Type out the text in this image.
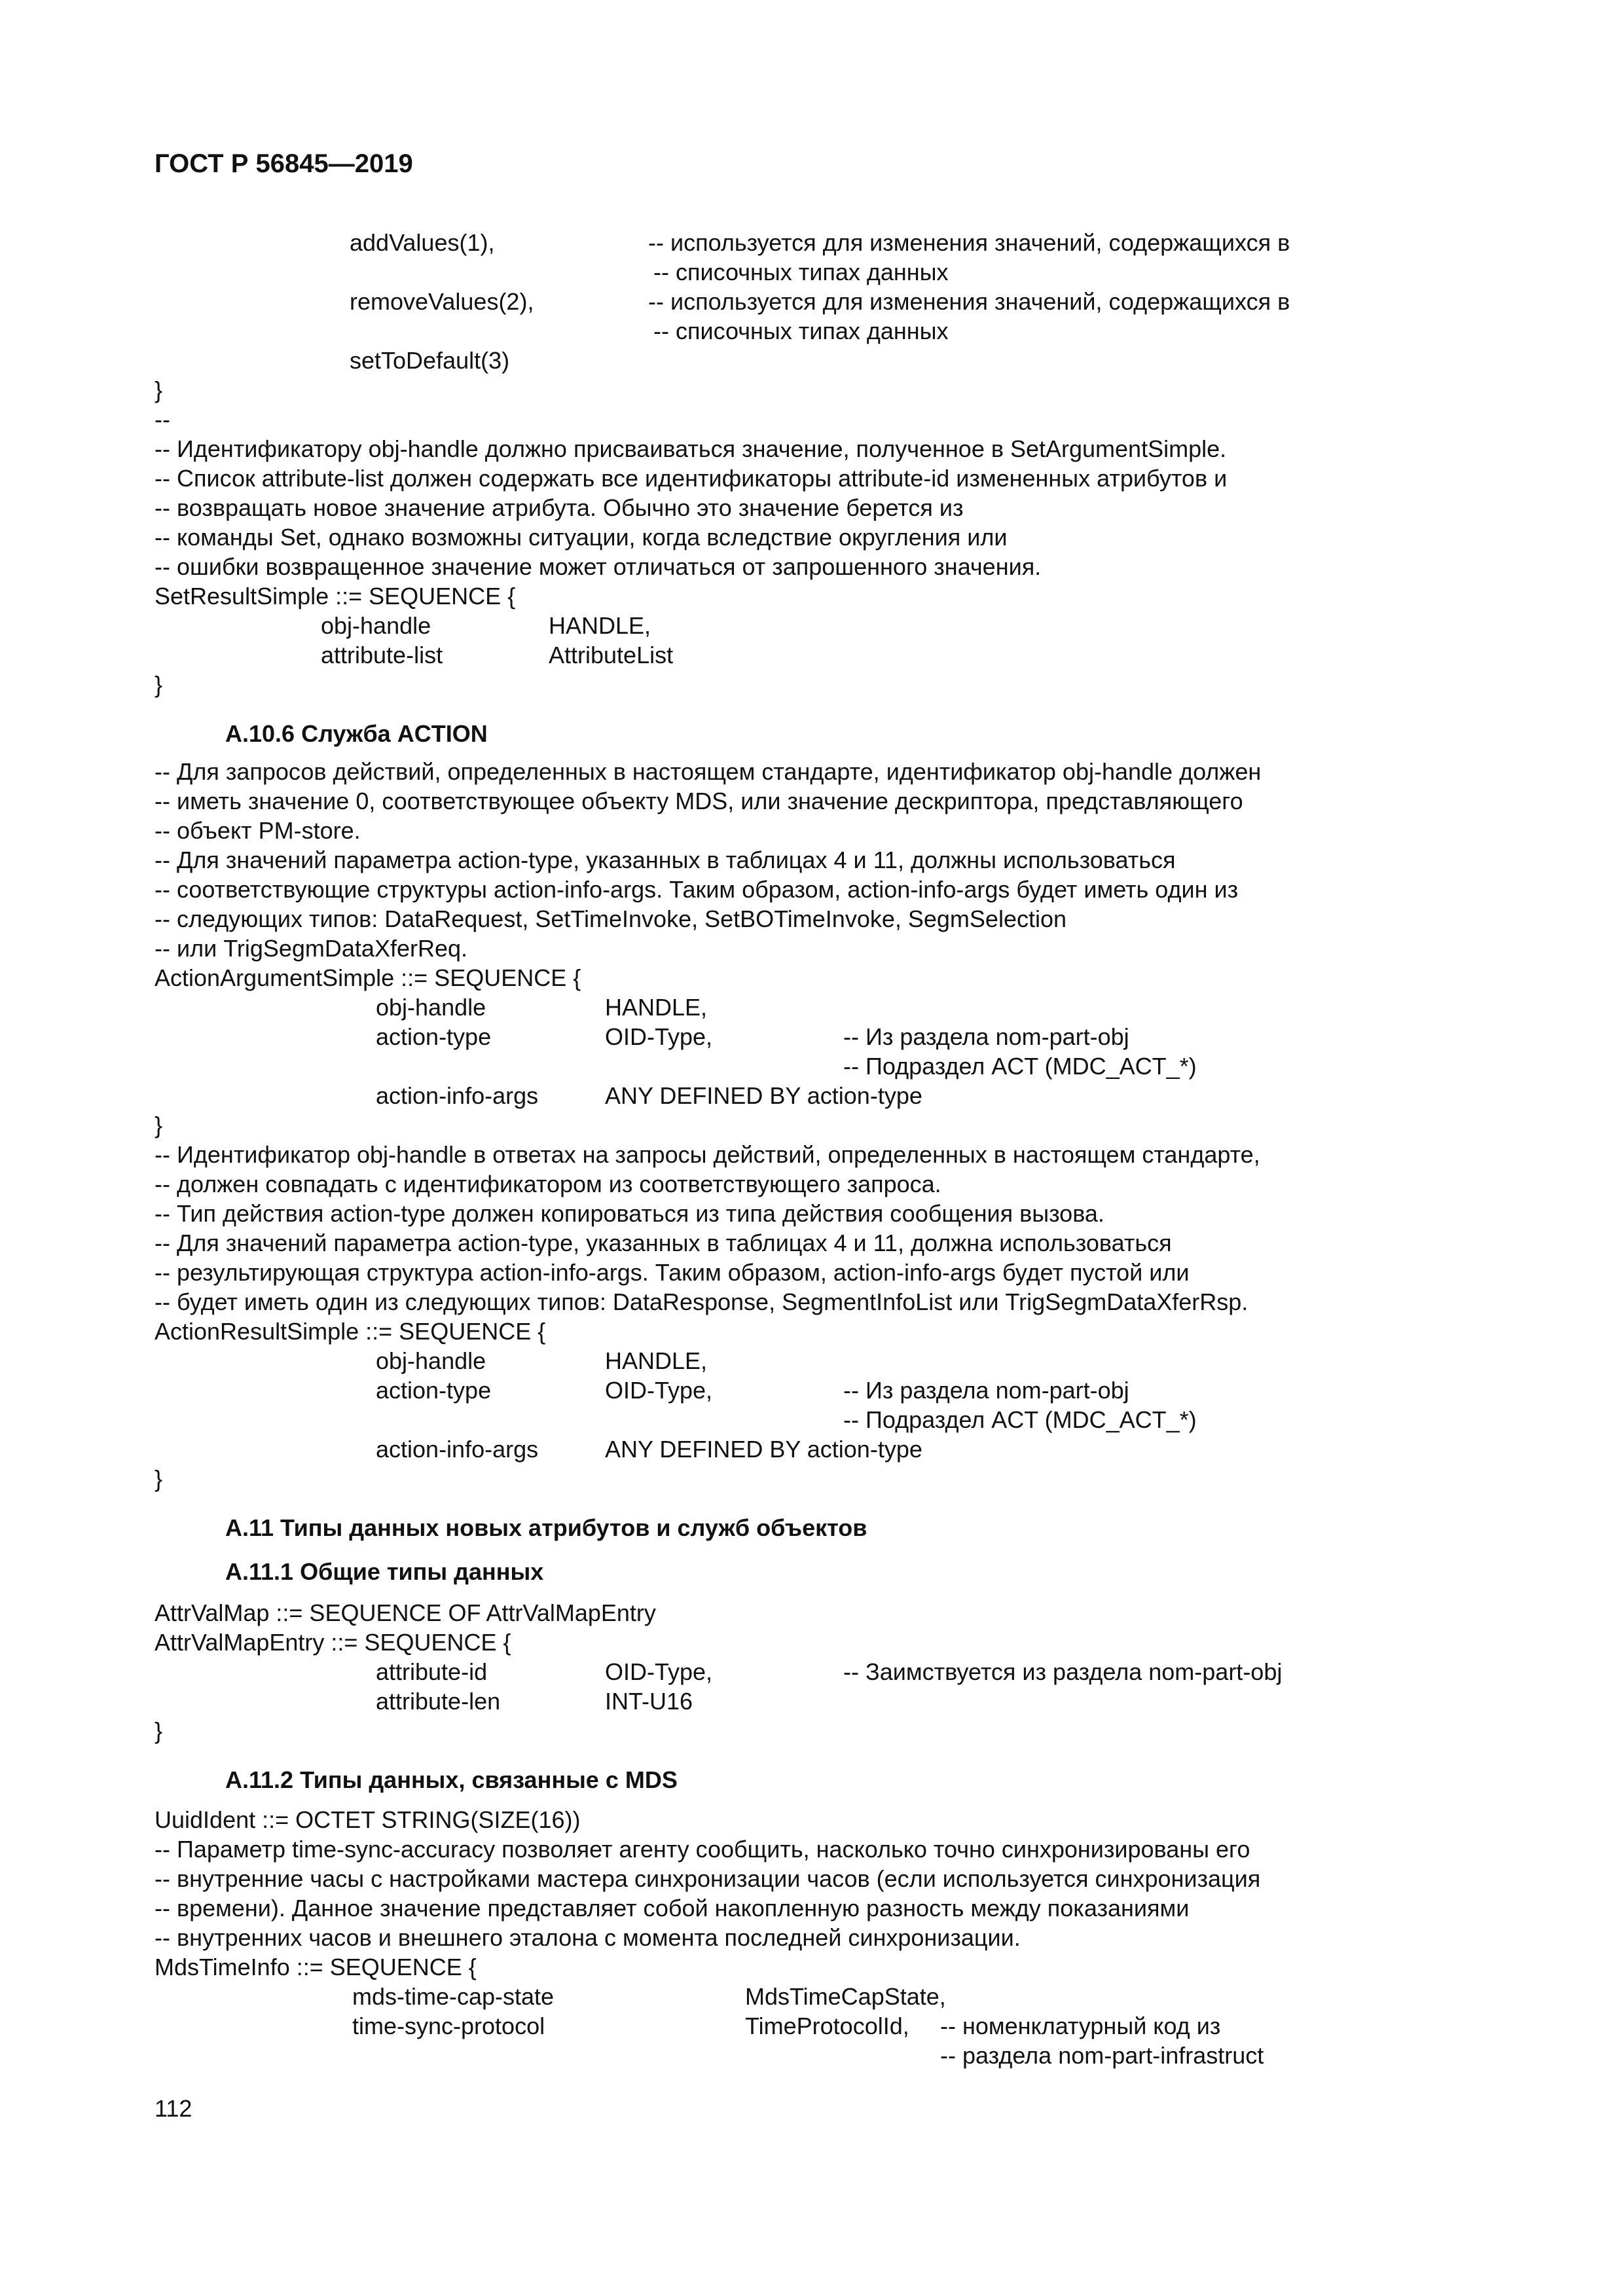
ГОСТ Р 56845—2019
addValues(1),	-- используется для изменения значений, содержащихся в
-- списочных типах данных
removeValues(2),	-- используется для изменения значений, содержащихся в
-- списочных типах данных
setToDefault(3)
}
--
-- Идентификатору obj-handle должно присваиваться значение, полученное в SetArgumentSimple.
-- Список attribute-list должен содержать все идентификаторы attribute-id измененных атрибутов и
-- возвращать новое значение атрибута. Обычно это значение берется из
-- команды Set, однако возможны ситуации, когда вследствие округления или
-- ошибки возвращенное значение может отличаться от запрошенного значения.
SetResultSimple ::= SEQUENCE {
obj-handle	HANDLE,
attribute-list	AttributeList
}
A.10.6 Служба ACTION
-- Для запросов действий, определенных в настоящем стандарте, идентификатор obj-handle должен
-- иметь значение 0, соответствующее объекту MDS, или значение дескриптора, представляющего
-- объект PM-store.
-- Для значений параметра action-type, указанных в таблицах 4 и 11, должны использоваться
-- соответствующие структуры action-info-args. Таким образом, action-info-args будет иметь один из
-- следующих типов: DataRequest, SetTimeInvoke, SetBOTimeInvoke, SegmSelection
-- или TrigSegmDataXferReq.
ActionArgumentSimple ::= SEQUENCE {
obj-handle	HANDLE,
action-type	OID-Type,	-- Из раздела nom-part-obj
-- Подраздел ACT (MDC_ACT_*)
action-info-args	ANY DEFINED BY action-type
}
-- Идентификатор obj-handle в ответах на запросы действий, определенных в настоящем стандарте,
-- должен совпадать с идентификатором из соответствующего запроса.
-- Тип действия action-type должен копироваться из типа действия сообщения вызова.
-- Для значений параметра action-type, указанных в таблицах 4 и 11, должна использоваться
-- результирующая структура action-info-args. Таким образом, action-info-args будет пустой или
-- будет иметь один из следующих типов: DataResponse, SegmentInfoList или TrigSegmDataXferRsp.
ActionResultSimple ::= SEQUENCE {
obj-handle	HANDLE,
action-type	OID-Type,	-- Из раздела nom-part-obj
-- Подраздел ACT (MDC_ACT_*)
action-info-args	ANY DEFINED BY action-type
}
A.11 Типы данных новых атрибутов и служб объектов
A.11.1 Общие типы данных
AttrValMap ::= SEQUENCE OF AttrValMapEntry
AttrValMapEntry ::= SEQUENCE {
attribute-id	OID-Type,	-- Заимствуется из раздела nom-part-obj
attribute-len	INT-U16
}
A.11.2 Типы данных, связанные с MDS
UuidIdent ::= OCTET STRING(SIZE(16))
-- Параметр time-sync-accuracy позволяет агенту сообщить, насколько точно синхронизированы его
-- внутренние часы с настройками мастера синхронизации часов (если используется синхронизация
-- времени). Данное значение представляет собой накопленную разность между показаниями
-- внутренних часов и внешнего эталона с момента последней синхронизации.
MdsTimeInfo ::= SEQUENCE {
mds-time-cap-state	MdsTimeCapState,
time-sync-protocol	TimeProtocolId, -- номенклатурный код из
-- раздела nom-part-infrastruct
112
